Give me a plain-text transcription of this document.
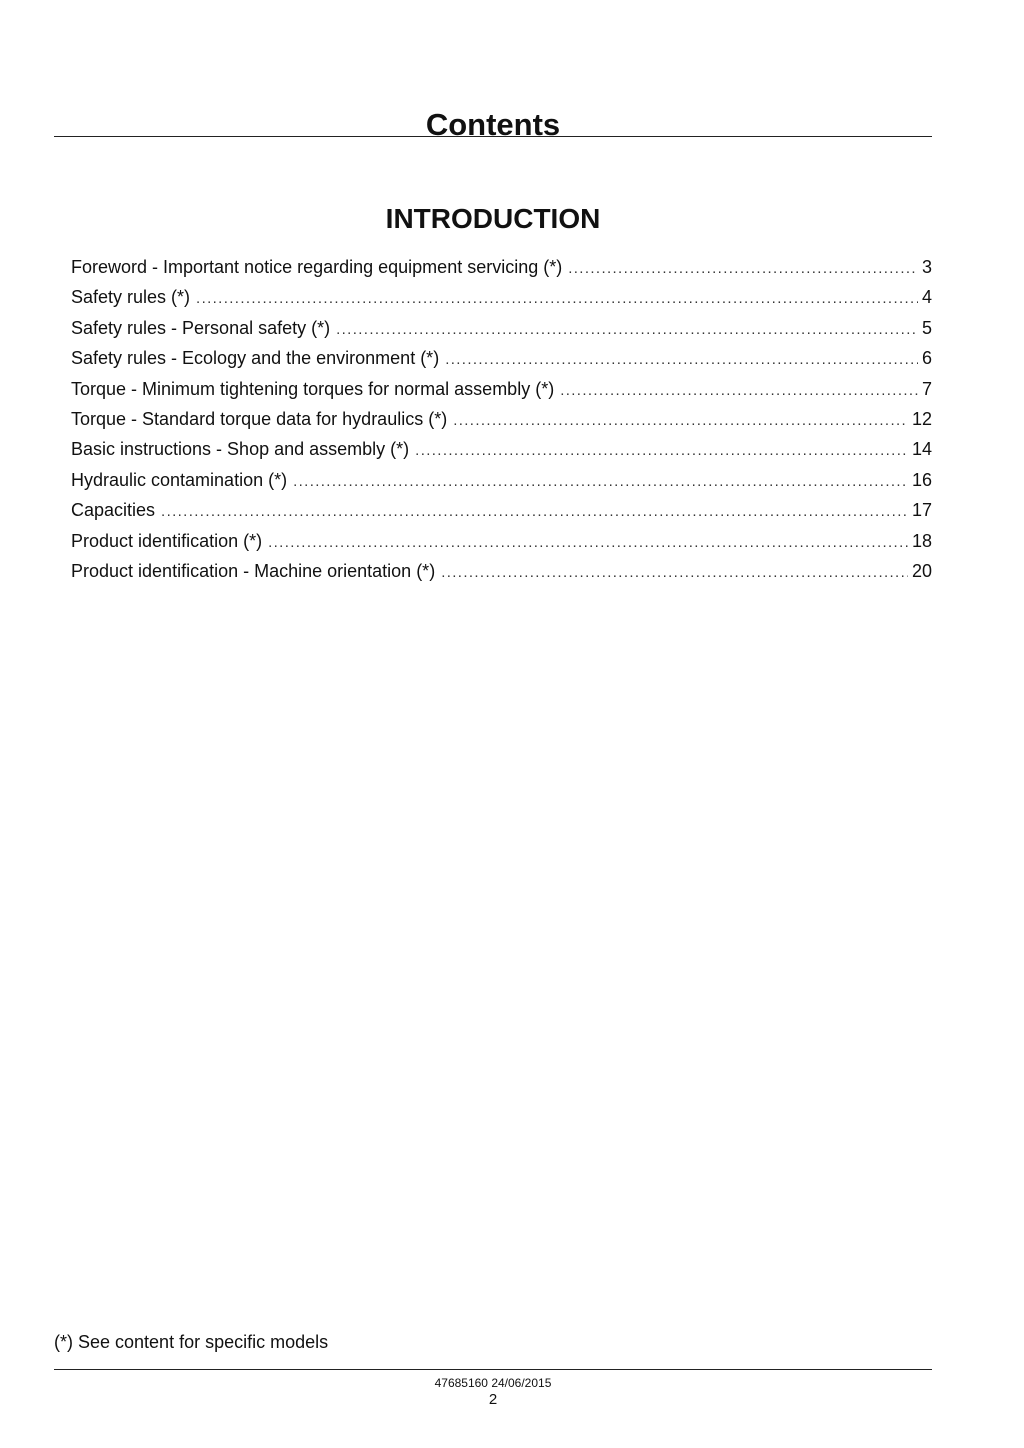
Contents
INTRODUCTION
Foreword - Important notice regarding equipment servicing (*) . . .	3
Safety rules (*) . . .	4
Safety rules - Personal safety (*) . . .	5
Safety rules - Ecology and the environment (*) . . .	6
Torque - Minimum tightening torques for normal assembly (*) . . .	7
Torque - Standard torque data for hydraulics (*) . . .	12
Basic instructions - Shop and assembly (*) . . .	14
Hydraulic contamination (*) . . .	16
Capacities . . .	17
Product identification (*) . . .	18
Product identification - Machine orientation (*) . . .	20
(*) See content for specific models
47685160 24/06/2015
2
